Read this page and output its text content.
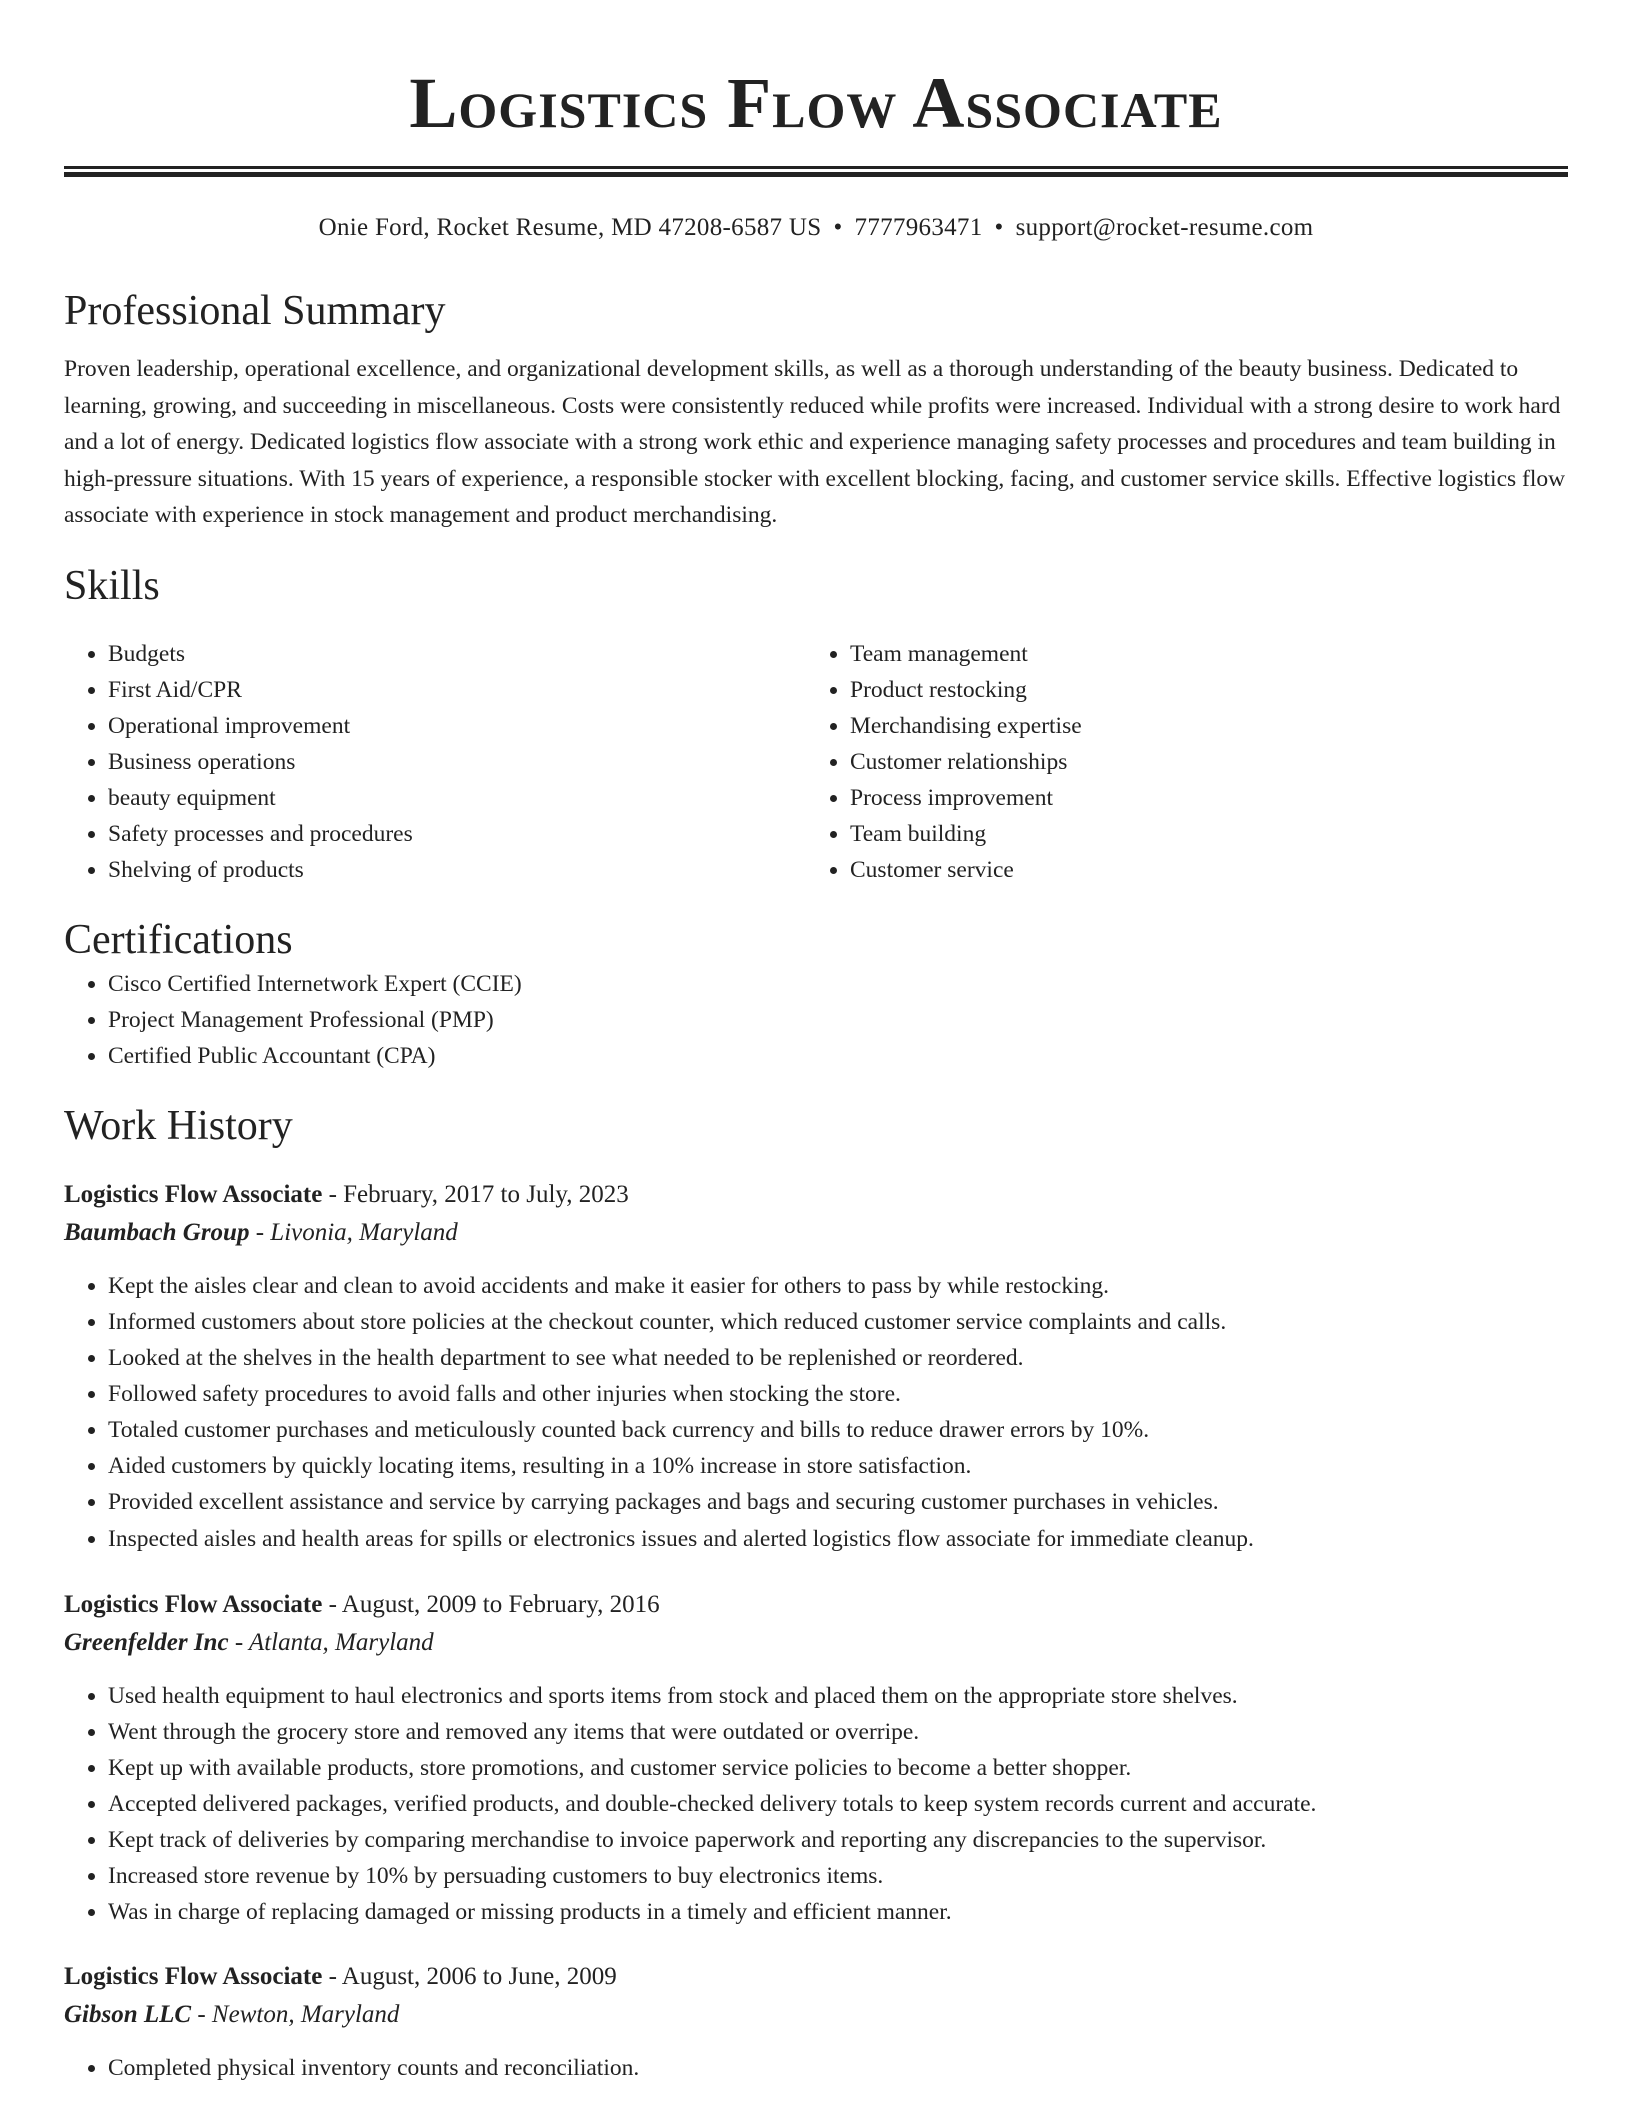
Logistics Flow Associate
Onie Ford, Rocket Resume, MD 47208-6587 US • 7777963471 • support@rocket-resume.com
Professional Summary

Proven leadership, operational excellence, and organizational development skills, as well as a thorough understanding of the beauty business. Dedicated to learning, growing, and succeeding in miscellaneous. Costs were consistently reduced while profits were increased. Individual with a strong desire to work hard and a lot of energy. Dedicated logistics flow associate with a strong work ethic and experience managing safety processes and procedures and team building in high-pressure situations. With 15 years of experience, a responsible stocker with excellent blocking, facing, and customer service skills. Effective logistics flow associate with experience in stock management and product merchandising.

Skills
• Budgets
• First Aid/CPR
• Operational improvement
• Business operations
• beauty equipment
• Safety processes and procedures
• Shelving of products
• Team management
• Product restocking
• Merchandising expertise
• Customer relationships
• Process improvement
• Team building
• Customer service
Certifications
• Cisco Certified Internetwork Expert (CCIE)
• Project Management Professional (PMP)
• Certified Public Accountant (CPA)
Work History
Logistics Flow Associate - February, 2017 to July, 2023
Baumbach Group - Livonia, Maryland
• Kept the aisles clear and clean to avoid accidents and make it easier for others to pass by while restocking.
• Informed customers about store policies at the checkout counter, which reduced customer service complaints and calls.
• Looked at the shelves in the health department to see what needed to be replenished or reordered.
• Followed safety procedures to avoid falls and other injuries when stocking the store.
• Totaled customer purchases and meticulously counted back currency and bills to reduce drawer errors by 10%.
• Aided customers by quickly locating items, resulting in a 10% increase in store satisfaction.
• Provided excellent assistance and service by carrying packages and bags and securing customer purchases in vehicles.
• Inspected aisles and health areas for spills or electronics issues and alerted logistics flow associate for immediate cleanup.
Logistics Flow Associate - August, 2009 to February, 2016
Greenfelder Inc - Atlanta, Maryland
• Used health equipment to haul electronics and sports items from stock and placed them on the appropriate store shelves.
• Went through the grocery store and removed any items that were outdated or overripe.
• Kept up with available products, store promotions, and customer service policies to become a better shopper.
• Accepted delivered packages, verified products, and double-checked delivery totals to keep system records current and accurate.
• Kept track of deliveries by comparing merchandise to invoice paperwork and reporting any discrepancies to the supervisor.
• Increased store revenue by 10% by persuading customers to buy electronics items.
• Was in charge of replacing damaged or missing products in a timely and efficient manner.
Logistics Flow Associate - August, 2006 to June, 2009
Gibson LLC - Newton, Maryland
• Completed physical inventory counts and reconciliation.
